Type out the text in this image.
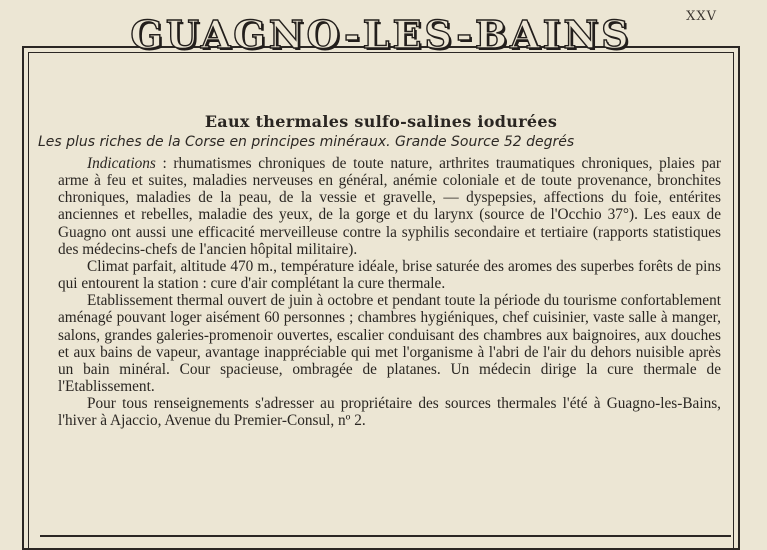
XXV
GUAGNO-LES-BAINS
Eaux thermales sulfo-salines iodurées
Les plus riches de la Corse en principes minéraux. Grande Source 52 degrés

Indications : rhumatismes chroniques de toute nature, arthrites traumatiques chroniques, plaies par arme à feu et suites, maladies nerveuses en général, anémie coloniale et de toute provenance, bronchites chroniques, maladies de la peau, de la vessie et gravelle, — dyspepsies, affections du foie, entérites anciennes et rebelles, maladie des yeux, de la gorge et du larynx (source de l'Occhio 37°). Les eaux de Guagno ont aussi une efficacité merveilleuse contre la syphilis secondaire et tertiaire (rapports statistiques des médecins-chefs de l'ancien hôpital militaire).

Climat parfait, altitude 470 m., température idéale, brise saturée des aromes des superbes forêts de pins qui entourent la station : cure d'air complétant la cure thermale.

Etablissement thermal ouvert de juin à octobre et pendant toute la période du tourisme confortablement aménagé pouvant loger aisément 60 personnes ; chambres hygiéniques, chef cuisinier, vaste salle à manger, salons, grandes galeries-promenoir ouvertes, escalier conduisant des chambres aux baignoires, aux douches et aux bains de vapeur, avantage inappréciable qui met l'organisme à l'abri de l'air du dehors nuisible après un bain minéral. Cour spacieuse, ombragée de platanes. Un médecin dirige la cure thermale de l'Etablissement.

Pour tous renseignements s'adresser au propriétaire des sources thermales l'été à Guagno-les-Bains, l'hiver à Ajaccio, Avenue du Premier-Consul, nº 2.
